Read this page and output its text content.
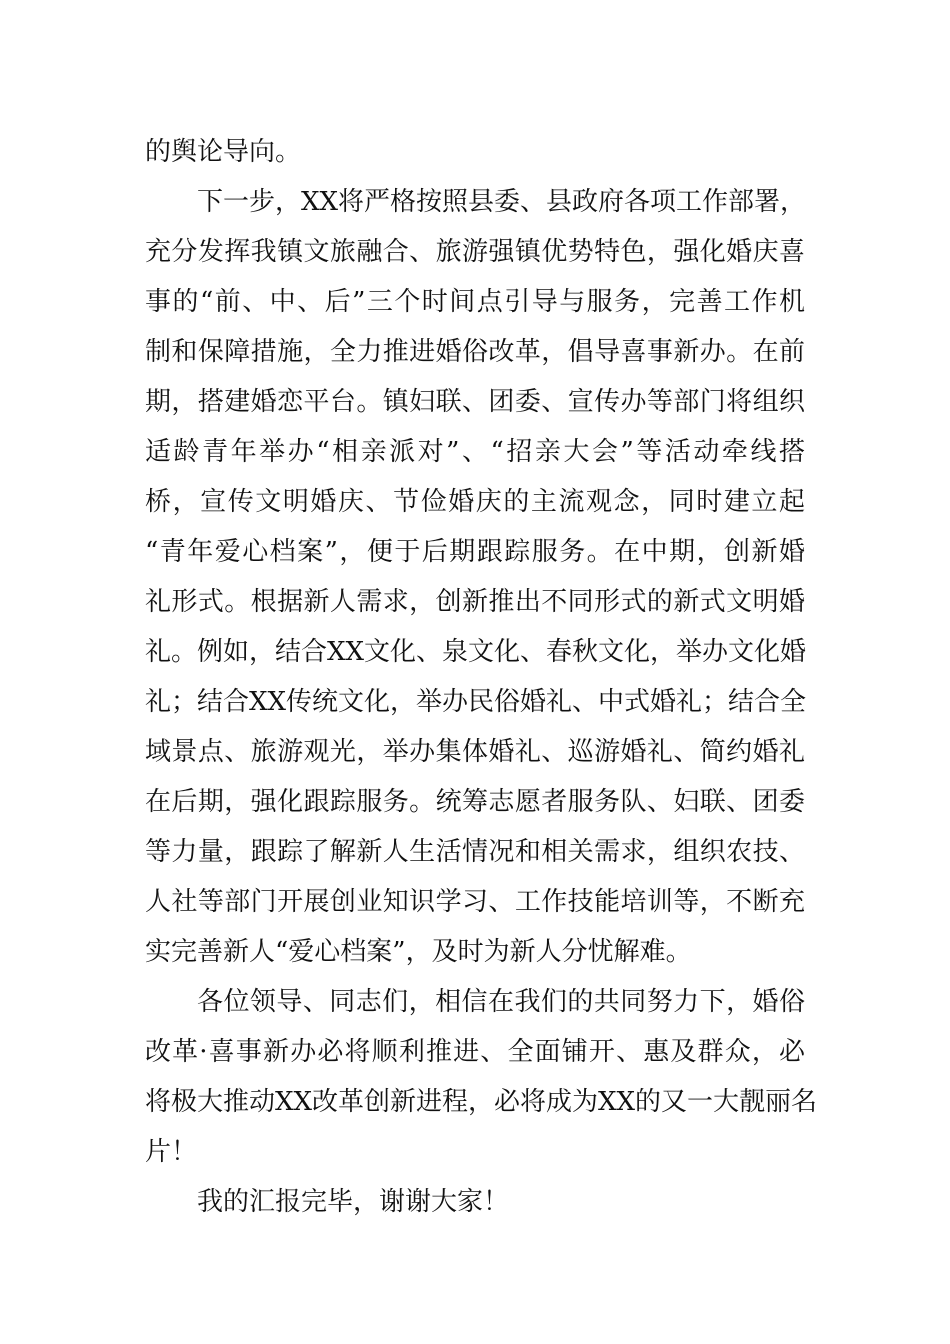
的舆论导向。
下一步，XX将严格按照县委、县政府各项工作部署，
充分发挥我镇文旅融合、旅游强镇优势特色，强化婚庆喜
事的“前、中、后”三个时间点引导与服务，完善工作机
制和保障措施，全力推进婚俗改革，倡导喜事新办。在前
期，搭建婚恋平台。镇妇联、团委、宣传办等部门将组织
适龄青年举办“相亲派对”、“招亲大会”等活动牵线搭
桥，宣传文明婚庆、节俭婚庆的主流观念，同时建立起
“青年爱心档案”，便于后期跟踪服务。在中期，创新婚
礼形式。根据新人需求，创新推出不同形式的新式文明婚
礼。例如，结合XX文化、泉文化、春秋文化，举办文化婚
礼；结合XX传统文化，举办民俗婚礼、中式婚礼；结合全
域景点、旅游观光，举办集体婚礼、巡游婚礼、简约婚礼
在后期，强化跟踪服务。统筹志愿者服务队、妇联、团委
等力量，跟踪了解新人生活情况和相关需求，组织农技、
人社等部门开展创业知识学习、工作技能培训等，不断充
实完善新人“爱心档案”，及时为新人分忧解难。
各位领导、同志们，相信在我们的共同努力下，婚俗
改革·喜事新办必将顺利推进、全面铺开、惠及群众，必
将极大推动XX改革创新进程，必将成为XX的又一大靓丽名
片！
我的汇报完毕，谢谢大家！
